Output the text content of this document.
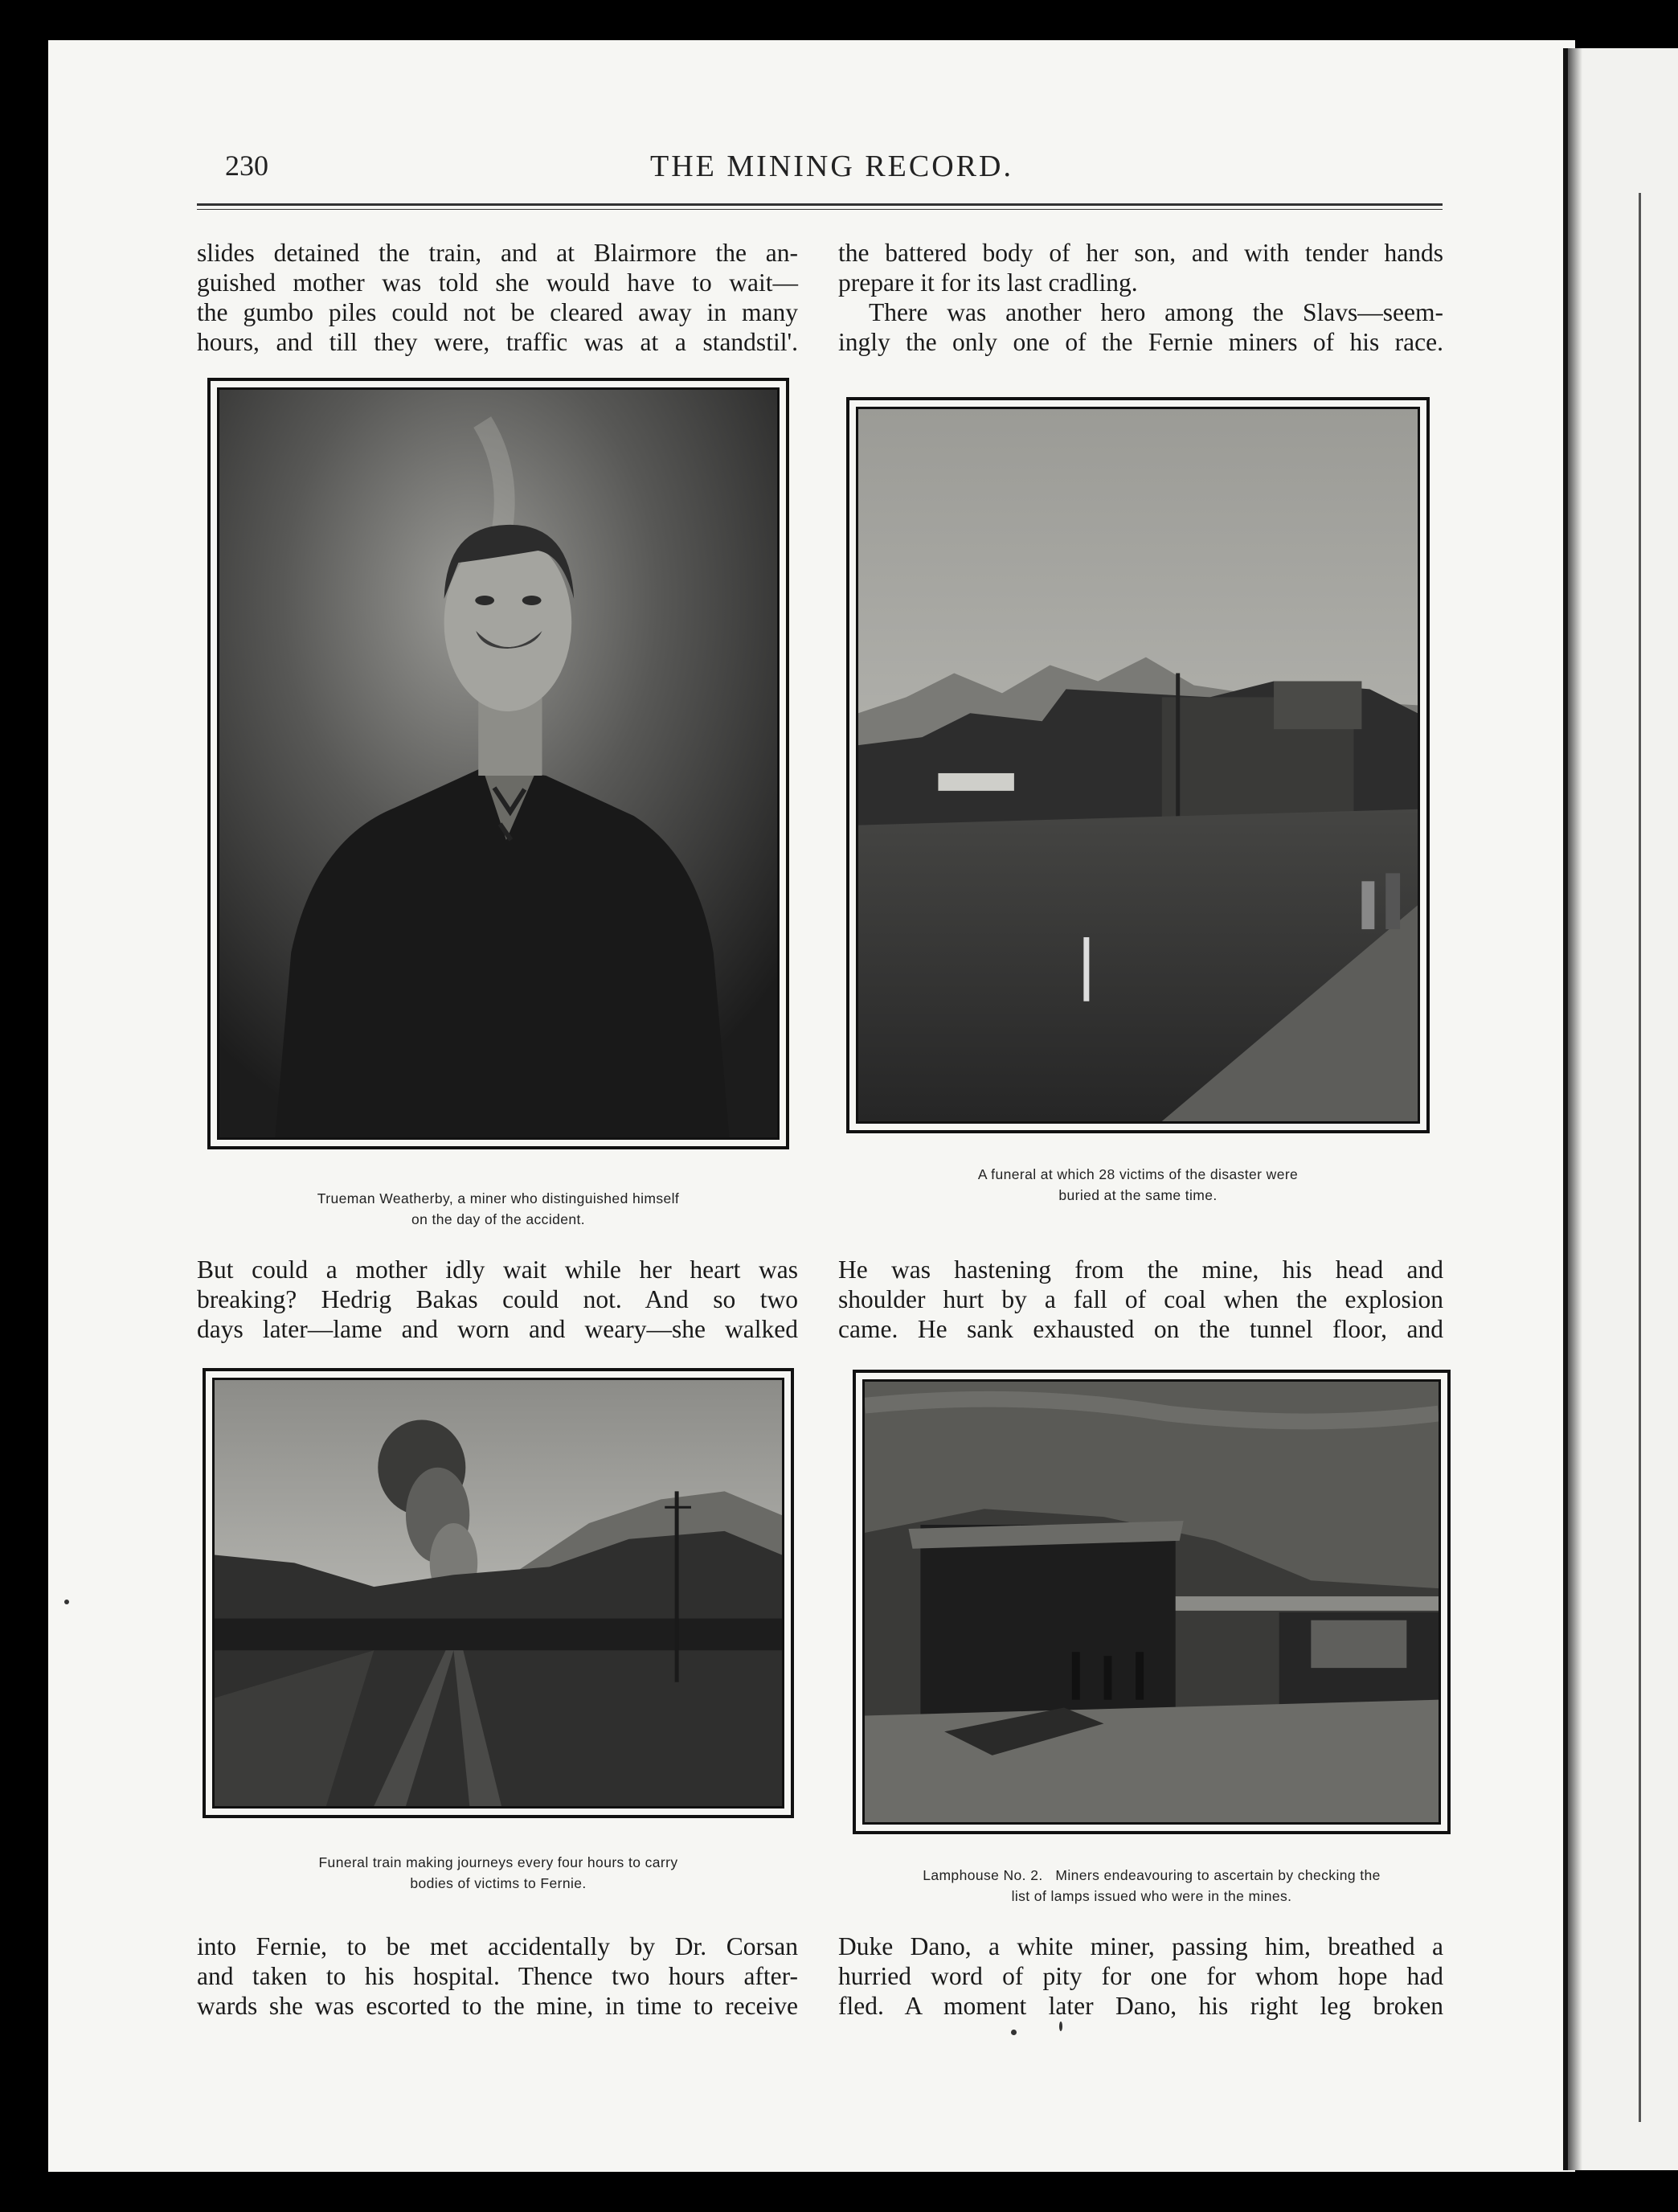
230	THE MINING RECORD.

slides detained the train, and at Blairmore the an-

guished mother was told she would have to wait—

the gumbo piles could not be cleared away in many

hours, and till they were, traffic was at a standstil'.

the battered body of her son, and with tender hands

prepare it for its last cradling.

There was another hero among the Slavs—seem-

ingly the only one of the Fernie miners of his race.

Trueman Weatherby, a miner who distinguished himself
on the day of the accident.
A funeral at which 28 victims of the disaster were
buried at the same time.

But could a mother idly wait while her heart was

breaking? Hedrig Bakas could not. And so two

days later—lame and worn and weary—she walked

He was hastening from the mine, his head and

shoulder hurt by a fall of coal when the explosion

came. He sank exhausted on the tunnel floor, and

Funeral train making journeys every four hours to carry
bodies of victims to Fernie.	Lamphouse No. 2.   Miners endeavouring to ascertain by checking the
list of lamps issued who were in the mines.

into Fernie, to be met accidentally by Dr. Corsan

and taken to his hospital. Thence two hours after-

wards she was escorted to the mine, in time to receive

Duke Dano, a white miner, passing him, breathed a

hurried word of pity for one for whom hope had

fled. A moment later Dano, his right leg broken
